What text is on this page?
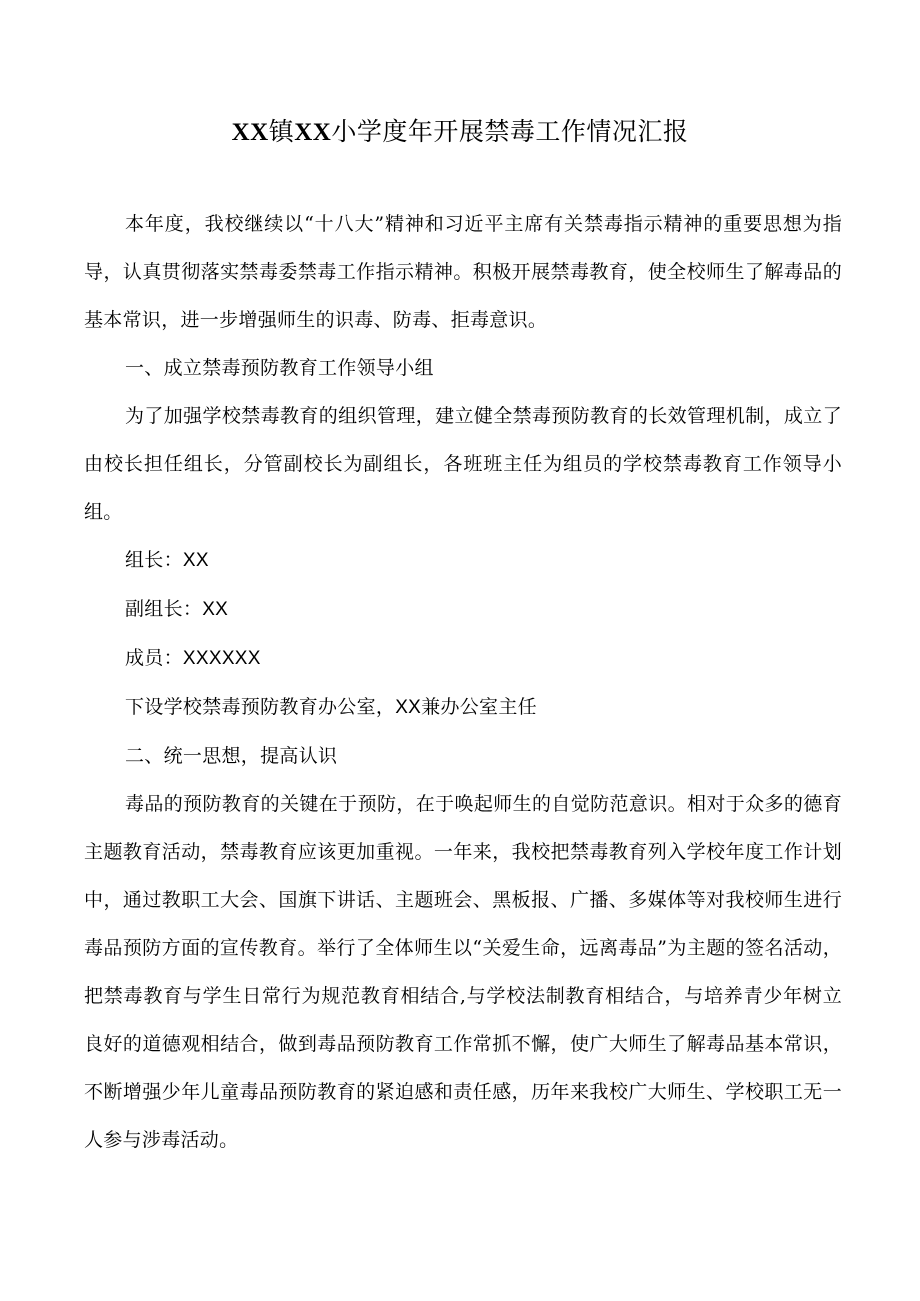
XX镇XX小学度年开展禁毒工作情况汇报

本年度，我校继续以“十八大”精神和习近平主席有关禁毒指示精神的重要思想为指导，认真贯彻落实禁毒委禁毒工作指示精神。积极开展禁毒教育，使全校师生了解毒品的基本常识，进一步增强师生的识毒、防毒、拒毒意识。

一、成立禁毒预防教育工作领导小组

为了加强学校禁毒教育的组织管理，建立健全禁毒预防教育的长效管理机制，成立了由校长担任组长，分管副校长为副组长，各班班主任为组员的学校禁毒教育工作领导小组。

组长：XX

副组长：XX

成员：XXXXXX

下设学校禁毒预防教育办公室，XX兼办公室主任

二、统一思想，提高认识

毒品的预防教育的关键在于预防，在于唤起师生的自觉防范意识。相对于众多的德育主题教育活动，禁毒教育应该更加重视。一年来，我校把禁毒教育列入学校年度工作计划中，通过教职工大会、国旗下讲话、主题班会、黑板报、广播、多媒体等对我校师生进行毒品预防方面的宣传教育。举行了全体师生以“关爱生命，远离毒品”为主题的签名活动，把禁毒教育与学生日常行为规范教育相结合,与学校法制教育相结合，与培养青少年树立良好的道德观相结合，做到毒品预防教育工作常抓不懈，使广大师生了解毒品基本常识，不断增强少年儿童毒品预防教育的紧迫感和责任感，历年来我校广大师生、学校职工无一人参与涉毒活动。
